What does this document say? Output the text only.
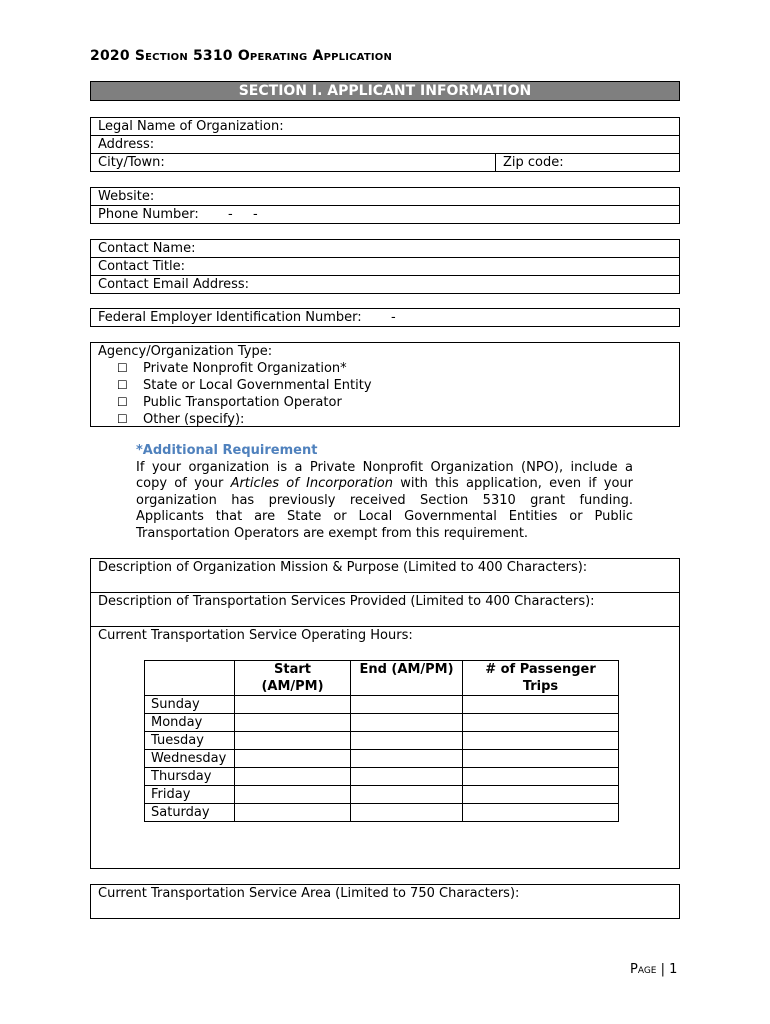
2020 Section 5310 Operating Application
SECTION I. APPLICANT INFORMATION
Legal Name of Organization:
Address:
City/Town:	Zip code:
Website:
Phone Number: - -
Contact Name:
Contact Title:
Contact Email Address:
Federal Employer Identification Number: -
Agency/Organization Type:
☐ Private Nonprofit Organization*
☐ State or Local Governmental Entity
☐ Public Transportation Operator
☐ Other (specify):
*Additional Requirement
If your organization is a Private Nonprofit Organization (NPO), include a copy of your Articles of Incorporation with this application, even if your organization has previously received Section 5310 grant funding. Applicants that are State or Local Governmental Entities or Public Transportation Operators are exempt from this requirement.
Description of Organization Mission & Purpose (Limited to 400 Characters):
Description of Transportation Services Provided (Limited to 400 Characters):
Current Transportation Service Operating Hours:
	Start (AM/PM)	End (AM/PM)	# of Passenger Trips
Sunday			
Monday			
Tuesday			
Wednesday			
Thursday			
Friday			
Saturday			
Current Transportation Service Area (Limited to 750 Characters):
Page | 1
